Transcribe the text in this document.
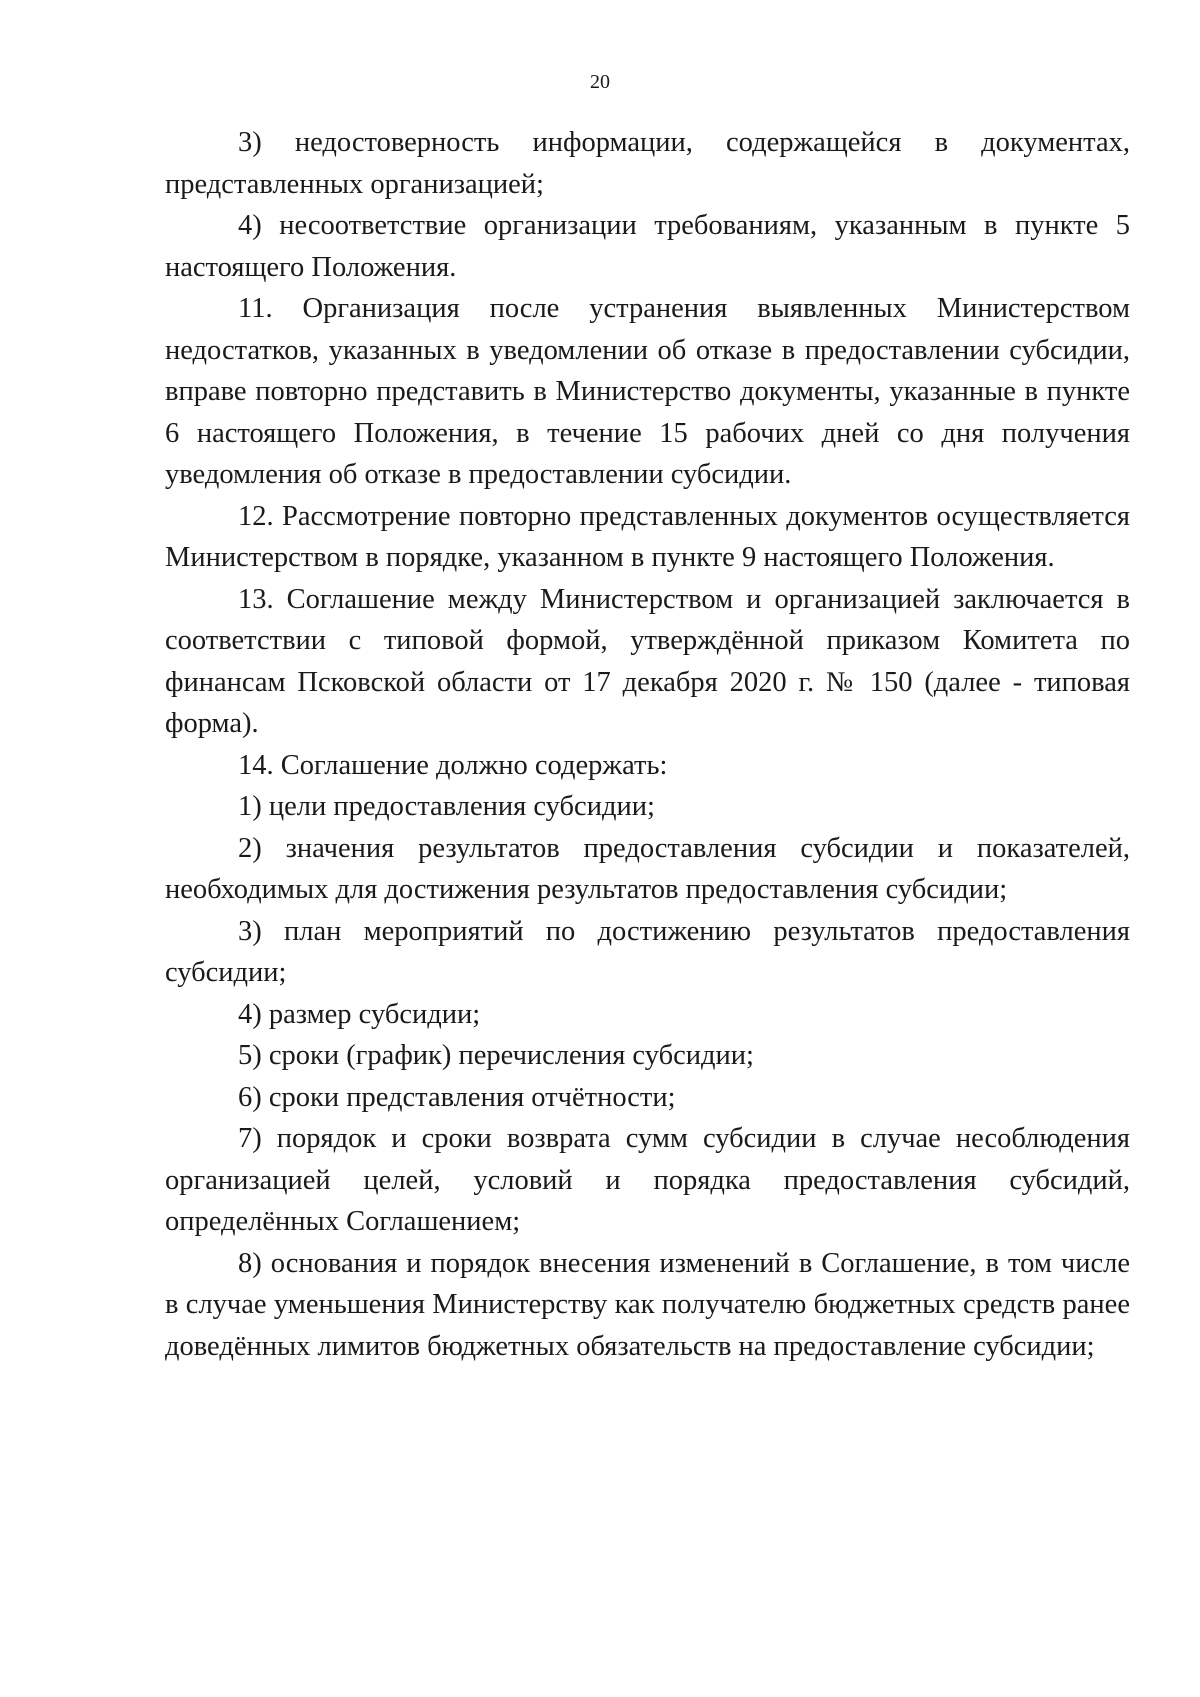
20

3) недостоверность информации, содержащейся в документах, представленных организацией;

4) несоответствие организации требованиям, указанным в пункте 5 настоящего Положения.

11. Организация после устранения выявленных Министерством недостатков, указанных в уведомлении об отказе в предоставлении субсидии, вправе повторно представить в Министерство документы, указанные в пункте 6 настоящего Положения, в течение 15 рабочих дней со дня получения уведомления об отказе в предоставлении субсидии.

12. Рассмотрение повторно представленных документов осуществляется Министерством в порядке, указанном в пункте 9 настоящего Положения.

13. Соглашение между Министерством и организацией заключается в соответствии с типовой формой, утверждённой приказом Комитета по финансам Псковской области от 17 декабря 2020 г. № 150 (далее - типовая форма).

14. Соглашение должно содержать:

1) цели предоставления субсидии;

2) значения результатов предоставления субсидии и показателей, необходимых для достижения результатов предоставления субсидии;

3) план мероприятий по достижению результатов предоставления субсидии;

4) размер субсидии;

5) сроки (график) перечисления субсидии;

6) сроки представления отчётности;

7) порядок и сроки возврата сумм субсидии в случае несоблюдения организацией целей, условий и порядка предоставления субсидий, определённых Соглашением;

8) основания и порядок внесения изменений в Соглашение, в том числе в случае уменьшения Министерству как получателю бюджетных средств ранее доведённых лимитов бюджетных обязательств на предоставление субсидии;
